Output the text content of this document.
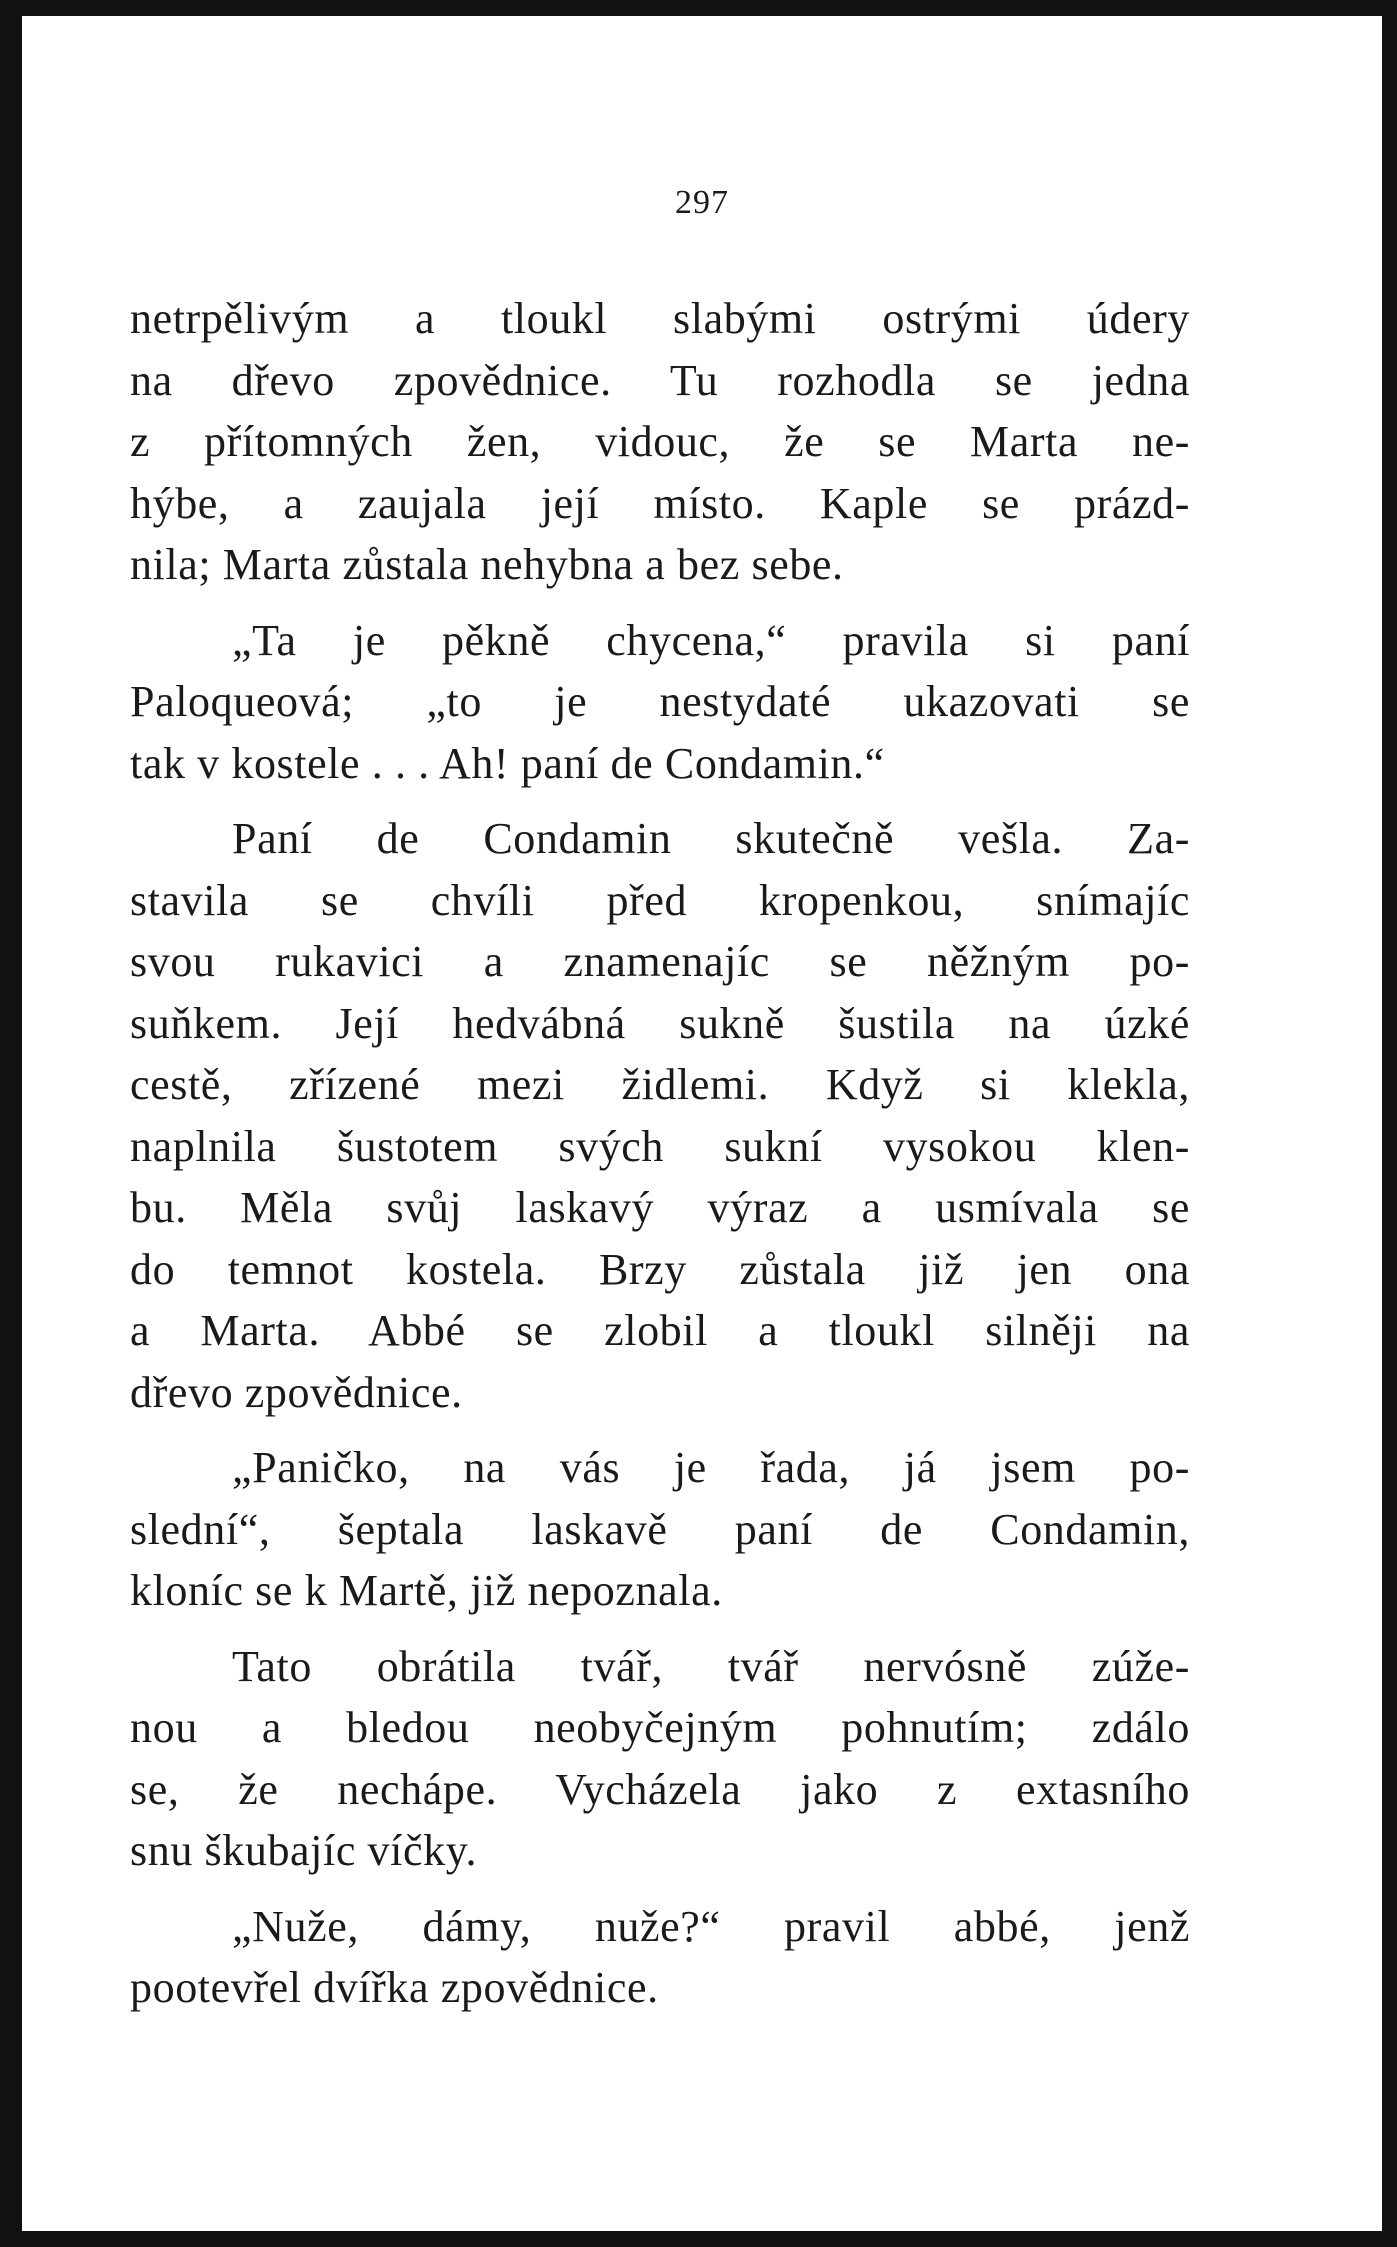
297

netrpělivým a tloukl slabými ostrými údery
na dřevo zpovědnice. Tu rozhodla se jedna
z přítomných žen, vidouc, že se Marta ne-
hýbe, a zaujala její místo. Kaple se prázd-
nila; Marta zůstala nehybna a bez sebe.

„Ta je pěkně chycena,“ pravila si paní
Paloqueová; „to je nestydaté ukazovati se
tak v kostele . . . Ah! paní de Condamin.“

Paní de Condamin skutečně vešla. Za-
stavila se chvíli před kropenkou, snímajíc
svou rukavici a znamenajíc se něžným po-
suňkem. Její hedvábná sukně šustila na úzké
cestě, zřízené mezi židlemi. Když si klekla,
naplnila šustotem svých sukní vysokou klen-
bu. Měla svůj laskavý výraz a usmívala se
do temnot kostela. Brzy zůstala již jen ona
a Marta. Abbé se zlobil a tloukl silněji na
dřevo zpovědnice.

„Paničko, na vás je řada, já jsem po-
slední“, šeptala laskavě paní de Condamin,
kloníc se k Martě, již nepoznala.

Tato obrátila tvář, tvář nervósně zúže-
nou a bledou neobyčejným pohnutím; zdálo
se, že nechápe. Vycházela jako z extasního
snu škubajíc víčky.

„Nuže, dámy, nuže?“ pravil abbé, jenž
pootevřel dvířka zpovědnice.
